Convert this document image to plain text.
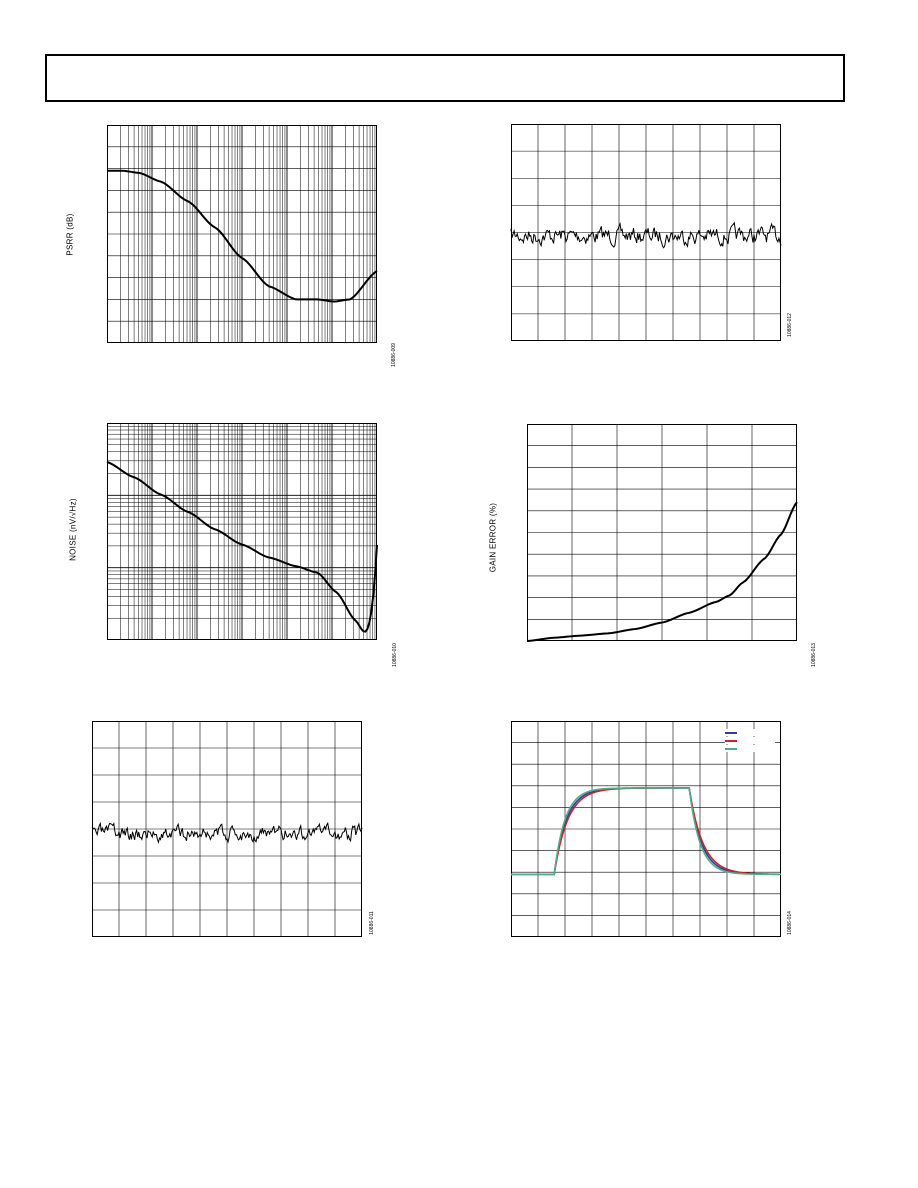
PSRR (dB)
10886-009
10886-012
NOISE (nV/√Hz)
10886-010
GAIN ERROR (%)
10886-013
10886-011	10886-014
